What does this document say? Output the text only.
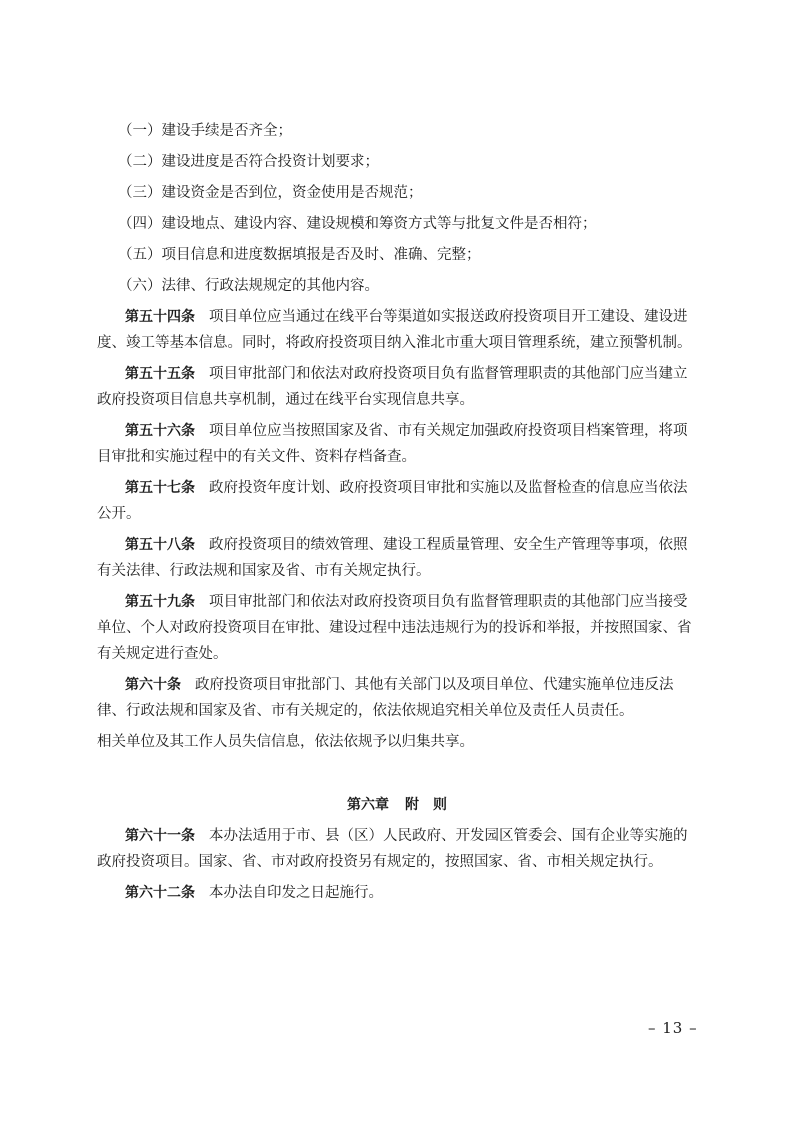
（一）建设手续是否齐全；

（二）建设进度是否符合投资计划要求；

（三）建设资金是否到位，资金使用是否规范；

（四）建设地点、建设内容、建设规模和筹资方式等与批复文件是否相符；

（五）项目信息和进度数据填报是否及时、准确、完整；

（六）法律、行政法规规定的其他内容。

第五十四条 项目单位应当通过在线平台等渠道如实报送政府投资项目开工建设、建设进度、竣工等基本信息。同时，将政府投资项目纳入淮北市重大项目管理系统，建立预警机制。

第五十五条 项目审批部门和依法对政府投资项目负有监督管理职责的其他部门应当建立政府投资项目信息共享机制，通过在线平台实现信息共享。

第五十六条 项目单位应当按照国家及省、市有关规定加强政府投资项目档案管理，将项目审批和实施过程中的有关文件、资料存档备查。

第五十七条 政府投资年度计划、政府投资项目审批和实施以及监督检查的信息应当依法公开。

第五十八条 政府投资项目的绩效管理、建设工程质量管理、安全生产管理等事项，依照有关法律、行政法规和国家及省、市有关规定执行。

第五十九条 项目审批部门和依法对政府投资项目负有监督管理职责的其他部门应当接受单位、个人对政府投资项目在审批、建设过程中违法违规行为的投诉和举报，并按照国家、省有关规定进行查处。

第六十条 政府投资项目审批部门、其他有关部门以及项目单位、代建实施单位违反法律、行政法规和国家及省、市有关规定的，依法依规追究相关单位及责任人员责任。

相关单位及其工作人员失信信息，依法依规予以归集共享。

第六章 附　则

第六十一条 本办法适用于市、县（区）人民政府、开发园区管委会、国有企业等实施的政府投资项目。国家、省、市对政府投资另有规定的，按照国家、省、市相关规定执行。

第六十二条 本办法自印发之日起施行。

– 13 –
